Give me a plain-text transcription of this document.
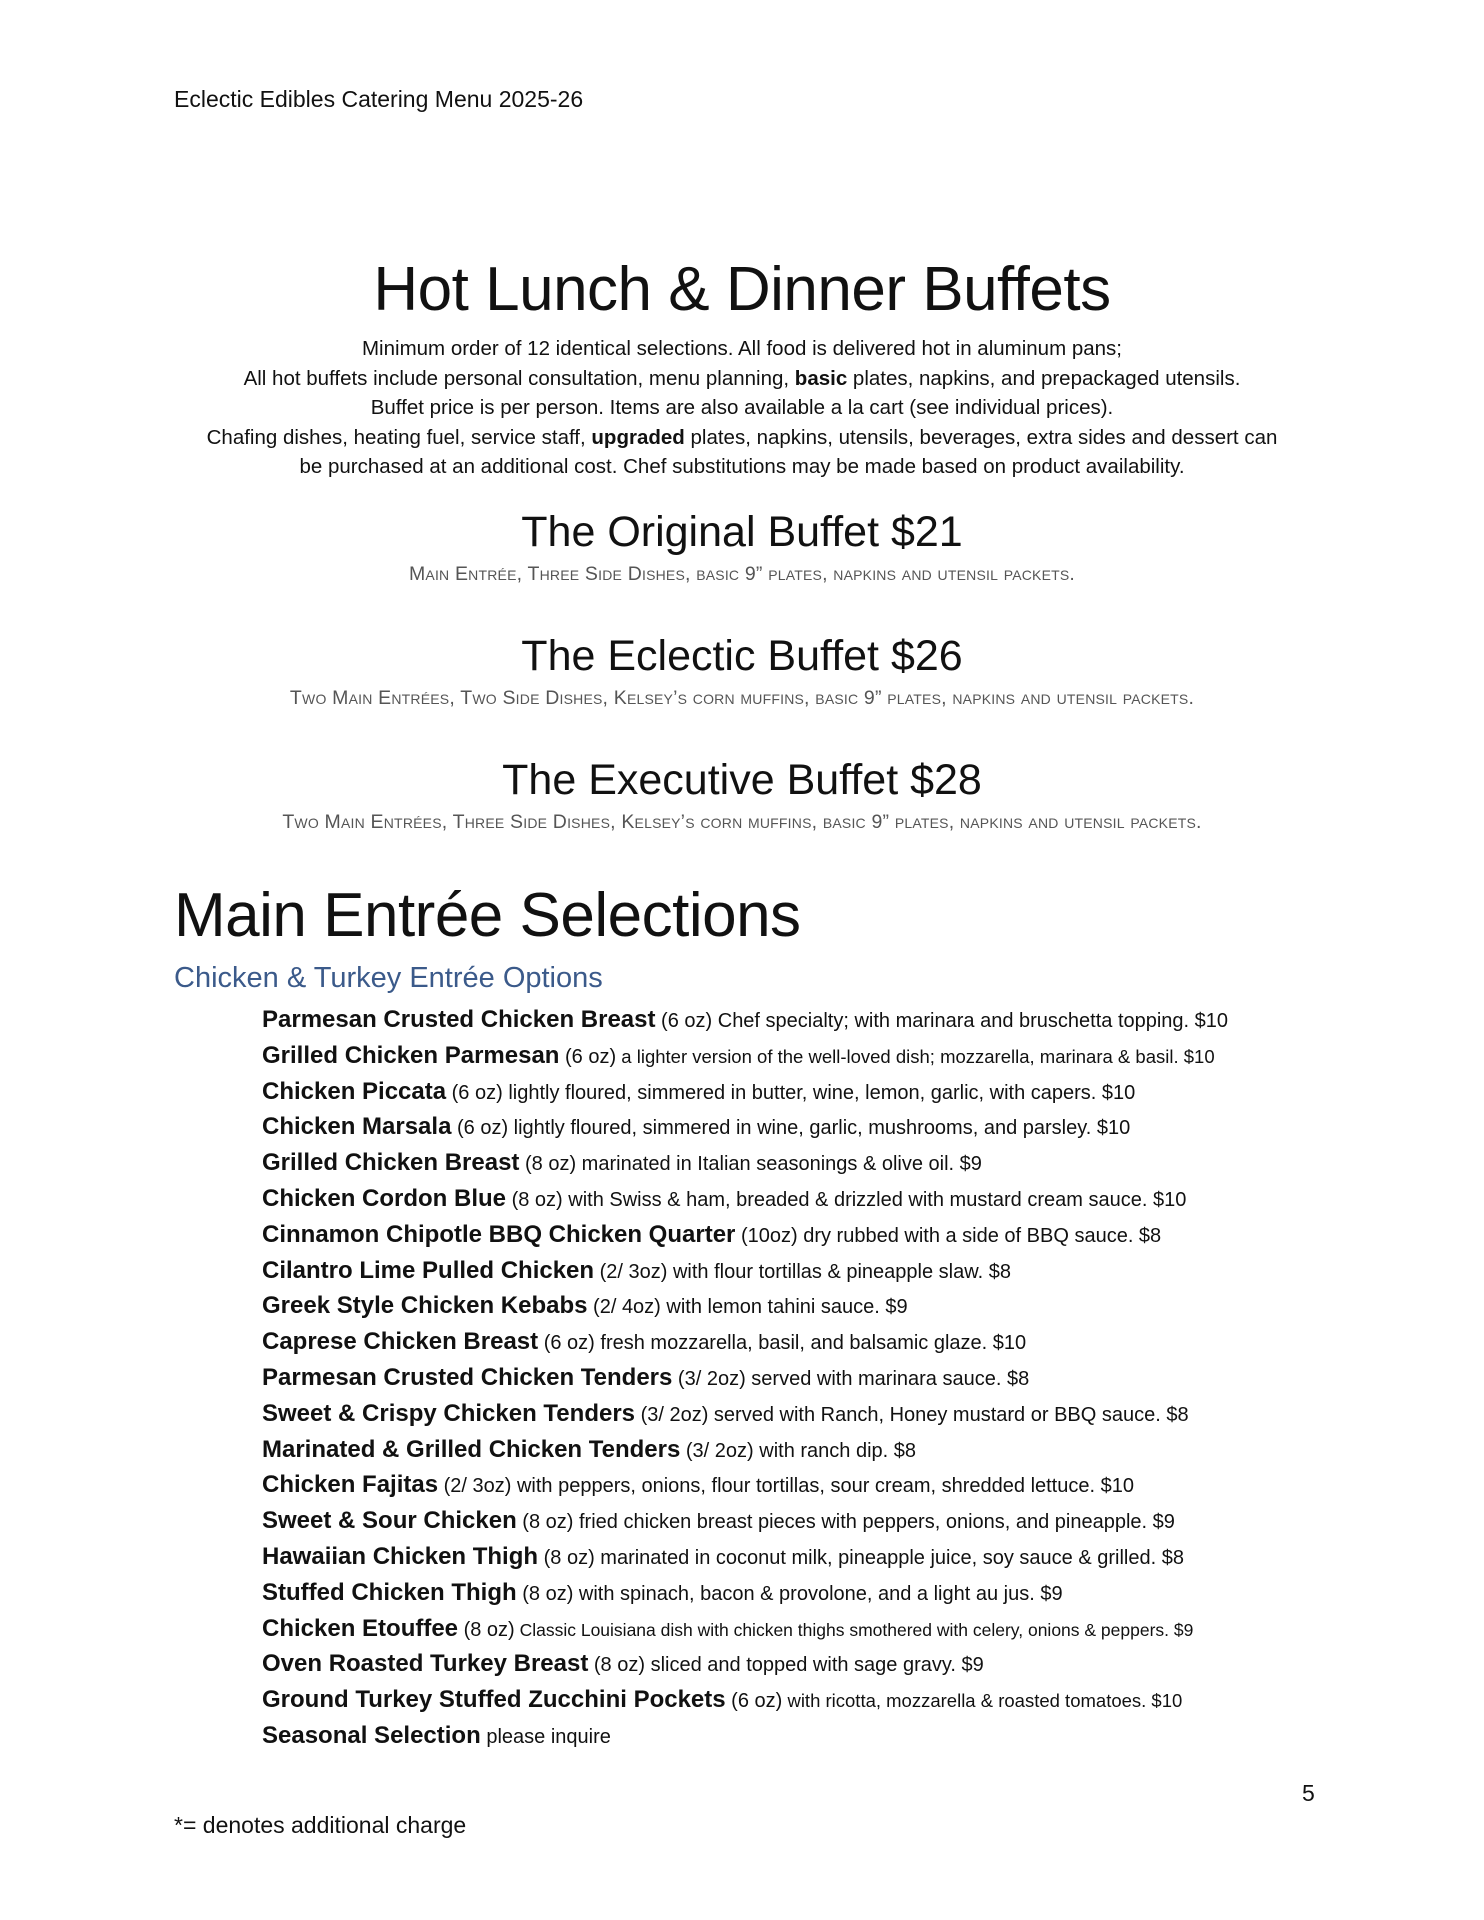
Eclectic Edibles Catering Menu 2025-26
Hot Lunch & Dinner Buffets
Minimum order of 12 identical selections. All food is delivered hot in aluminum pans;
All hot buffets include personal consultation, menu planning, basic plates, napkins, and prepackaged utensils.
Buffet price is per person. Items are also available a la cart (see individual prices).
Chafing dishes, heating fuel, service staff, upgraded plates, napkins, utensils, beverages, extra sides and dessert can
be purchased at an additional cost. Chef substitutions may be made based on product availability.
The Original Buffet $21

Main Entrée, Three Side Dishes, basic 9” plates, napkins and utensil packets.

The Eclectic Buffet $26

Two Main Entrées, Two Side Dishes, Kelsey’s corn muffins, basic 9” plates, napkins and utensil packets.

The Executive Buffet $28

Two Main Entrées, Three Side Dishes, Kelsey’s corn muffins, basic 9” plates, napkins and utensil packets.

Main Entrée Selections
Chicken & Turkey Entrée Options
Parmesan Crusted Chicken Breast (6 oz) Chef specialty; with marinara and bruschetta topping. $10
Grilled Chicken Parmesan (6 oz) a lighter version of the well-loved dish; mozzarella, marinara & basil. $10
Chicken Piccata (6 oz) lightly floured, simmered in butter, wine, lemon, garlic, with capers. $10
Chicken Marsala (6 oz) lightly floured, simmered in wine, garlic, mushrooms, and parsley. $10
Grilled Chicken Breast (8 oz) marinated in Italian seasonings & olive oil. $9
Chicken Cordon Blue (8 oz) with Swiss & ham, breaded & drizzled with mustard cream sauce. $10
Cinnamon Chipotle BBQ Chicken Quarter (10oz) dry rubbed with a side of BBQ sauce. $8
Cilantro Lime Pulled Chicken (2/ 3oz) with flour tortillas & pineapple slaw. $8
Greek Style Chicken Kebabs (2/ 4oz) with lemon tahini sauce. $9
Caprese Chicken Breast (6 oz) fresh mozzarella, basil, and balsamic glaze. $10
Parmesan Crusted Chicken Tenders (3/ 2oz) served with marinara sauce. $8
Sweet & Crispy Chicken Tenders (3/ 2oz) served with Ranch, Honey mustard or BBQ sauce. $8
Marinated & Grilled Chicken Tenders (3/ 2oz) with ranch dip. $8
Chicken Fajitas (2/ 3oz) with peppers, onions, flour tortillas, sour cream, shredded lettuce. $10
Sweet & Sour Chicken (8 oz) fried chicken breast pieces with peppers, onions, and pineapple. $9
Hawaiian Chicken Thigh (8 oz) marinated in coconut milk, pineapple juice, soy sauce & grilled. $8
Stuffed Chicken Thigh (8 oz) with spinach, bacon & provolone, and a light au jus. $9
Chicken Etouffee (8 oz) Classic Louisiana dish with chicken thighs smothered with celery, onions & peppers. $9
Oven Roasted Turkey Breast (8 oz) sliced and topped with sage gravy. $9
Ground Turkey Stuffed Zucchini Pockets (6 oz) with ricotta, mozzarella & roasted tomatoes. $10
Seasonal Selection please inquire
5
*= denotes additional charge
